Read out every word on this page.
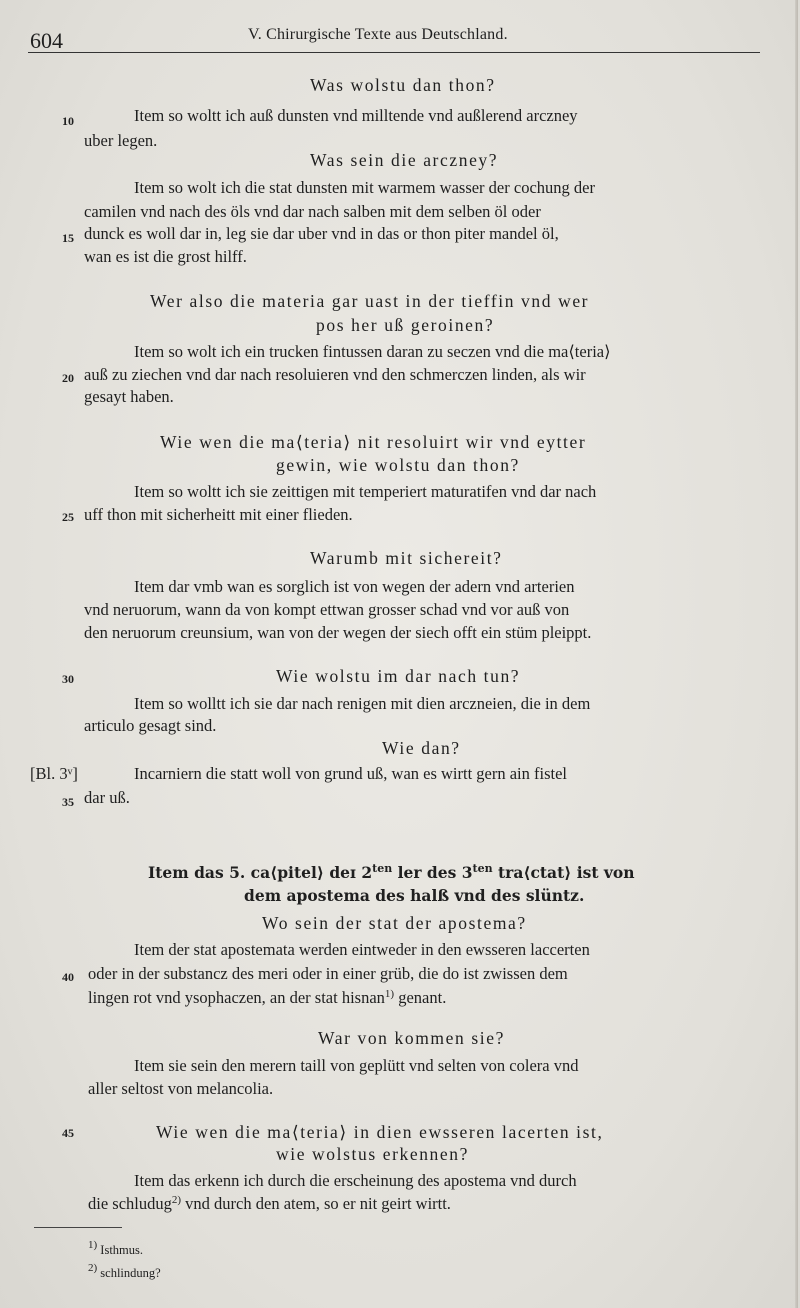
604	V. Chirurgische Texte aus Deutschland.
10
15
20
25
30
35
40
45
[Bl. 3ᵛ]
Was wolstu dan thon?
Item so woltt ich auß dunsten vnd milltende vnd außlerend arczney
uber legen.
Was sein die arczney?
Item so wolt ich die stat dunsten mit warmem wasser der cochung der
camilen vnd nach des öls vnd dar nach salben mit dem selben öl oder
dunck es woll dar in, leg sie dar uber vnd in das or thon piter mandel öl,
wan es ist die grost hilff.
Wer also die materia gar uast in der tieffin vnd wer
pos her uß geroinen?
Item so wolt ich ein trucken fintussen daran zu seczen vnd die ma⟨teria⟩
auß zu ziechen vnd dar nach resoluieren vnd den schmerczen linden, als wir
gesayt haben.
Wie wen die ma⟨teria⟩ nit resoluirt wir vnd eytter
gewin, wie wolstu dan thon?
Item so woltt ich sie zeittigen mit temperiert maturatifen vnd dar nach
uff thon mit sicherheitt mit einer flieden.
Warumb mit sichereit?
Item dar vmb wan es sorglich ist von wegen der adern vnd arterien
vnd neruorum, wann da von kompt ettwan grosser schad vnd vor auß von
den neruorum creunsium, wan von der wegen der siech offt ein stüm pleippt.
Wie wolstu im dar nach tun?
Item so wolltt ich sie dar nach renigen mit dien arczneien, die in dem
articulo gesagt sind.
Wie dan?
Incarniern die statt woll von grund uß, wan es wirtt gern ain fistel
dar uß.
Item das 5. ca⟨pitel⟩ deɪ $2^{ten}$ ler des $3^{ten}$ tra⟨ctat⟩ ist von
dem apostema des halß vnd des slüntz.
Wo sein der stat der apostema?
Item der stat apostemata werden eintweder in den ewsseren laccerten
oder in der substancz des meri oder in einer grüb, die do ist zwissen dem
lingen rot vnd ysophaczen, an der stat hisnan$^{1)}$ genant.
War von kommen sie?
Item sie sein den merern taill von geplütt vnd selten von colera vnd
aller seltost von melancolia.
Wie wen die ma⟨teria⟩ in dien ewsseren lacerten ist,
wie wolstus erkennen?
Item das erkenn ich durch die erscheinung des apostema vnd durch
die schludug$^{2)}$ vnd durch den atem, so er nit geirt wirtt.
1) Isthmus.
2) schlindung?
